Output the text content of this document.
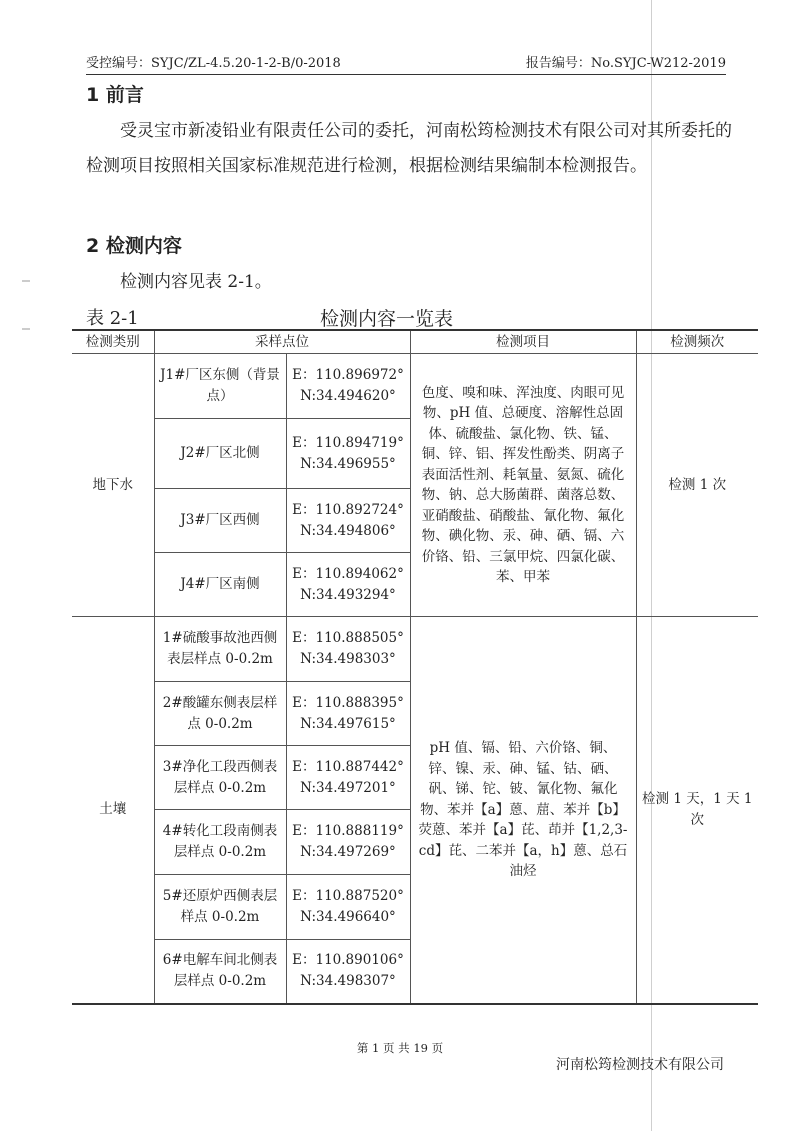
受控编号：SYJC/ZL-4.5.20-1-2-B/0-2018	报告编号：No.SYJC-W212-2019
1 前言
受灵宝市新凌铅业有限责任公司的委托，河南松筠检测技术有限公司对其所委托的检测项目按照相关国家标准规范进行检测，根据检测结果编制本检测报告。
2 检测内容
检测内容见表 2-1。
表 2-1	检测内容一览表
检测类别	采样点位		检测项目	检测频次
地下水	J1#厂区东侧（背景点）	E：110.896972°
N:34.494620°	色度、嗅和味、浑浊度、肉眼可见物、pH 值、总硬度、溶解性总固体、硫酸盐、氯化物、铁、锰、铜、锌、铝、挥发性酚类、阴离子表面活性剂、耗氧量、氨氮、硫化物、钠、总大肠菌群、菌落总数、亚硝酸盐、硝酸盐、氰化物、氟化物、碘化物、汞、砷、硒、镉、六价铬、铅、三氯甲烷、四氯化碳、苯、甲苯	检测 1 次
	J2#厂区北侧	E：110.894719°
N:34.496955°		

	J3#厂区西侧	E：110.892724°
N:34.494806°		

	J4#厂区南侧	E：110.894062°
N:34.493294°		

土壤	1#硫酸事故池西侧表层样点 0-0.2m	E：110.888505°
N:34.498303°	pH 值、镉、铅、六价铬、铜、锌、镍、汞、砷、锰、钴、硒、矾、锑、铊、铍、氰化物、氟化物、苯并【a】蒽、䓛、苯并【b】荧蒽、苯并【a】芘、茚并【1,2,3-cd】芘、二苯并【a，h】蒽、总石油烃	检测 1 天，1 天 1 次
	2#酸罐东侧表层样点 0-0.2m	E：110.888395°
N:34.497615°		

	3#净化工段西侧表层样点 0-0.2m	E：110.887442°
N:34.497201°		

	4#转化工段南侧表层样点 0-0.2m	E：110.888119°
N:34.497269°		

	5#还原炉西侧表层样点 0-0.2m	E：110.887520°
N:34.496640°		

	6#电解车间北侧表层样点 0-0.2m	E：110.890106°
N:34.498307°		
第 1 页 共 19 页
河南松筠检测技术有限公司
